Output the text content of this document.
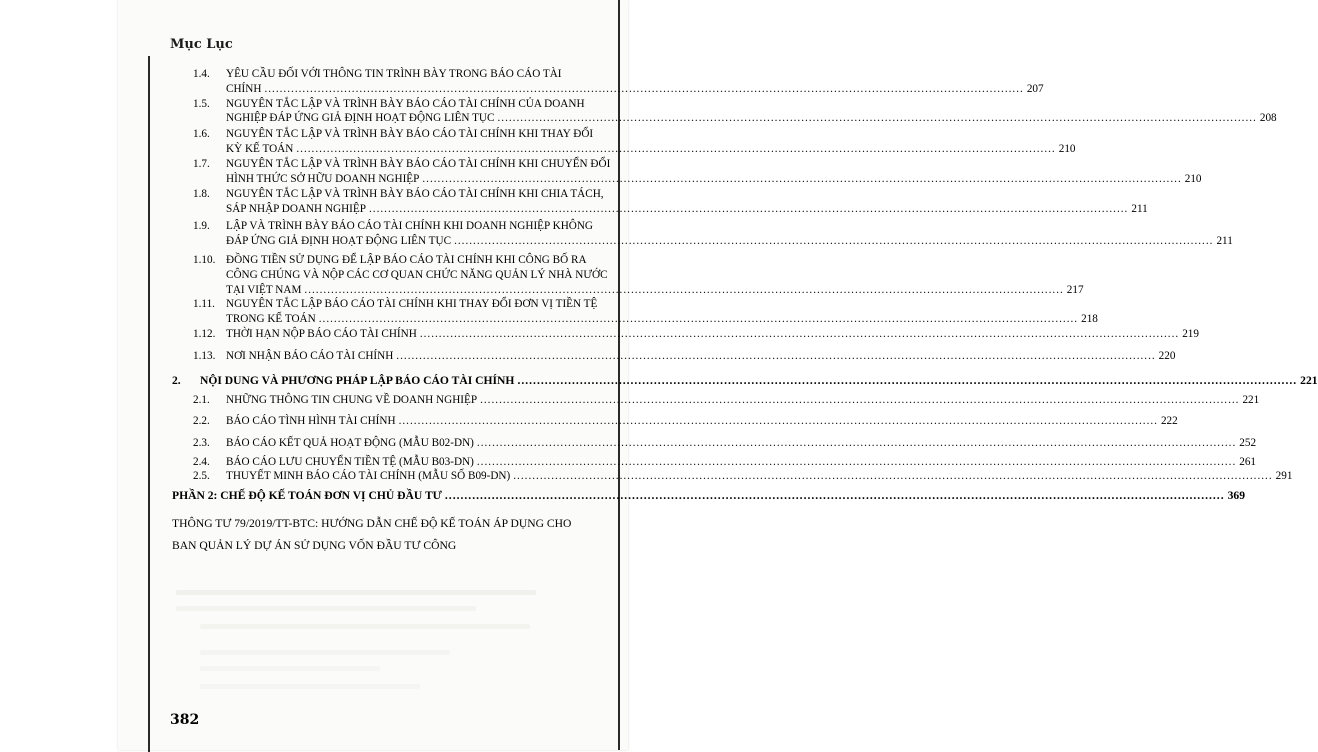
Mục Lục
1.4. YÊU CẦU ĐỐI VỚI THÔNG TIN TRÌNH BÀY TRONG BÁO CÁO TÀI
CHÍNH ........................................................................................................................................................................................................ 207
1.5. NGUYÊN TẮC LẬP VÀ TRÌNH BÀY BÁO CÁO TÀI CHÍNH CỦA DOANH
NGHIỆP ĐÁP ỨNG GIẢ ĐỊNH HOẠT ĐỘNG LIÊN TỤC ........................................................................................................................................................................................................ 208
1.6. NGUYÊN TẮC LẬP VÀ TRÌNH BÀY BÁO CÁO TÀI CHÍNH KHI THAY ĐỔI
KỲ KẾ TOÁN ........................................................................................................................................................................................................ 210
1.7. NGUYÊN TẮC LẬP VÀ TRÌNH BÀY BÁO CÁO TÀI CHÍNH KHI CHUYỂN ĐỔI
HÌNH THỨC SỞ HỮU DOANH NGHIỆP ........................................................................................................................................................................................................ 210
1.8. NGUYÊN TẮC LẬP VÀ TRÌNH BÀY BÁO CÁO TÀI CHÍNH KHI CHIA TÁCH,
SÁP NHẬP DOANH NGHIỆP ........................................................................................................................................................................................................ 211
1.9. LẬP VÀ TRÌNH BÀY BÁO CÁO TÀI CHÍNH KHI DOANH NGHIỆP KHÔNG
ĐÁP ỨNG GIẢ ĐỊNH HOẠT ĐỘNG LIÊN TỤC ........................................................................................................................................................................................................ 211
1.10. ĐỒNG TIỀN SỬ DỤNG ĐỂ LẬP BÁO CÁO TÀI CHÍNH KHI CÔNG BỐ RA
CÔNG CHÚNG VÀ NỘP CÁC CƠ QUAN CHỨC NĂNG QUẢN LÝ NHÀ NƯỚC
TẠI VIỆT NAM ........................................................................................................................................................................................................ 217
1.11. NGUYÊN TẮC LẬP BÁO CÁO TÀI CHÍNH KHI THAY ĐỔI ĐƠN VỊ TIỀN TỆ
TRONG KẾ TOÁN ........................................................................................................................................................................................................ 218
1.12. THỜI HẠN NỘP BÁO CÁO TÀI CHÍNH ........................................................................................................................................................................................................ 219
1.13. NƠI NHẬN BÁO CÁO TÀI CHÍNH ........................................................................................................................................................................................................ 220
2. NỘI DUNG VÀ PHƯƠNG PHÁP LẬP BÁO CÁO TÀI CHÍNH ........................................................................................................................................................................................................ 221
2.1. NHỮNG THÔNG TIN CHUNG VỀ DOANH NGHIỆP ........................................................................................................................................................................................................ 221
2.2. BÁO CÁO TÌNH HÌNH TÀI CHÍNH ........................................................................................................................................................................................................ 222
2.3. BÁO CÁO KẾT QUẢ HOẠT ĐỘNG (MẪU B02-DN) ........................................................................................................................................................................................................ 252
2.4. BÁO CÁO LƯU CHUYỂN TIỀN TỆ (MẪU B03-DN) ........................................................................................................................................................................................................ 261
2.5. THUYẾT MINH BÁO CÁO TÀI CHÍNH (MẪU SỐ B09-DN) ........................................................................................................................................................................................................ 291
PHẦN 2: CHẾ ĐỘ KẾ TOÁN ĐƠN VỊ CHỦ ĐẦU TƯ ........................................................................................................................................................................................................ 369
THÔNG TƯ 79/2019/TT-BTC: HƯỚNG DẪN CHẾ ĐỘ KẾ TOÁN ÁP DỤNG CHO
BAN QUẢN LÝ DỰ ÁN SỬ DỤNG VỐN ĐẦU TƯ CÔNG
382
